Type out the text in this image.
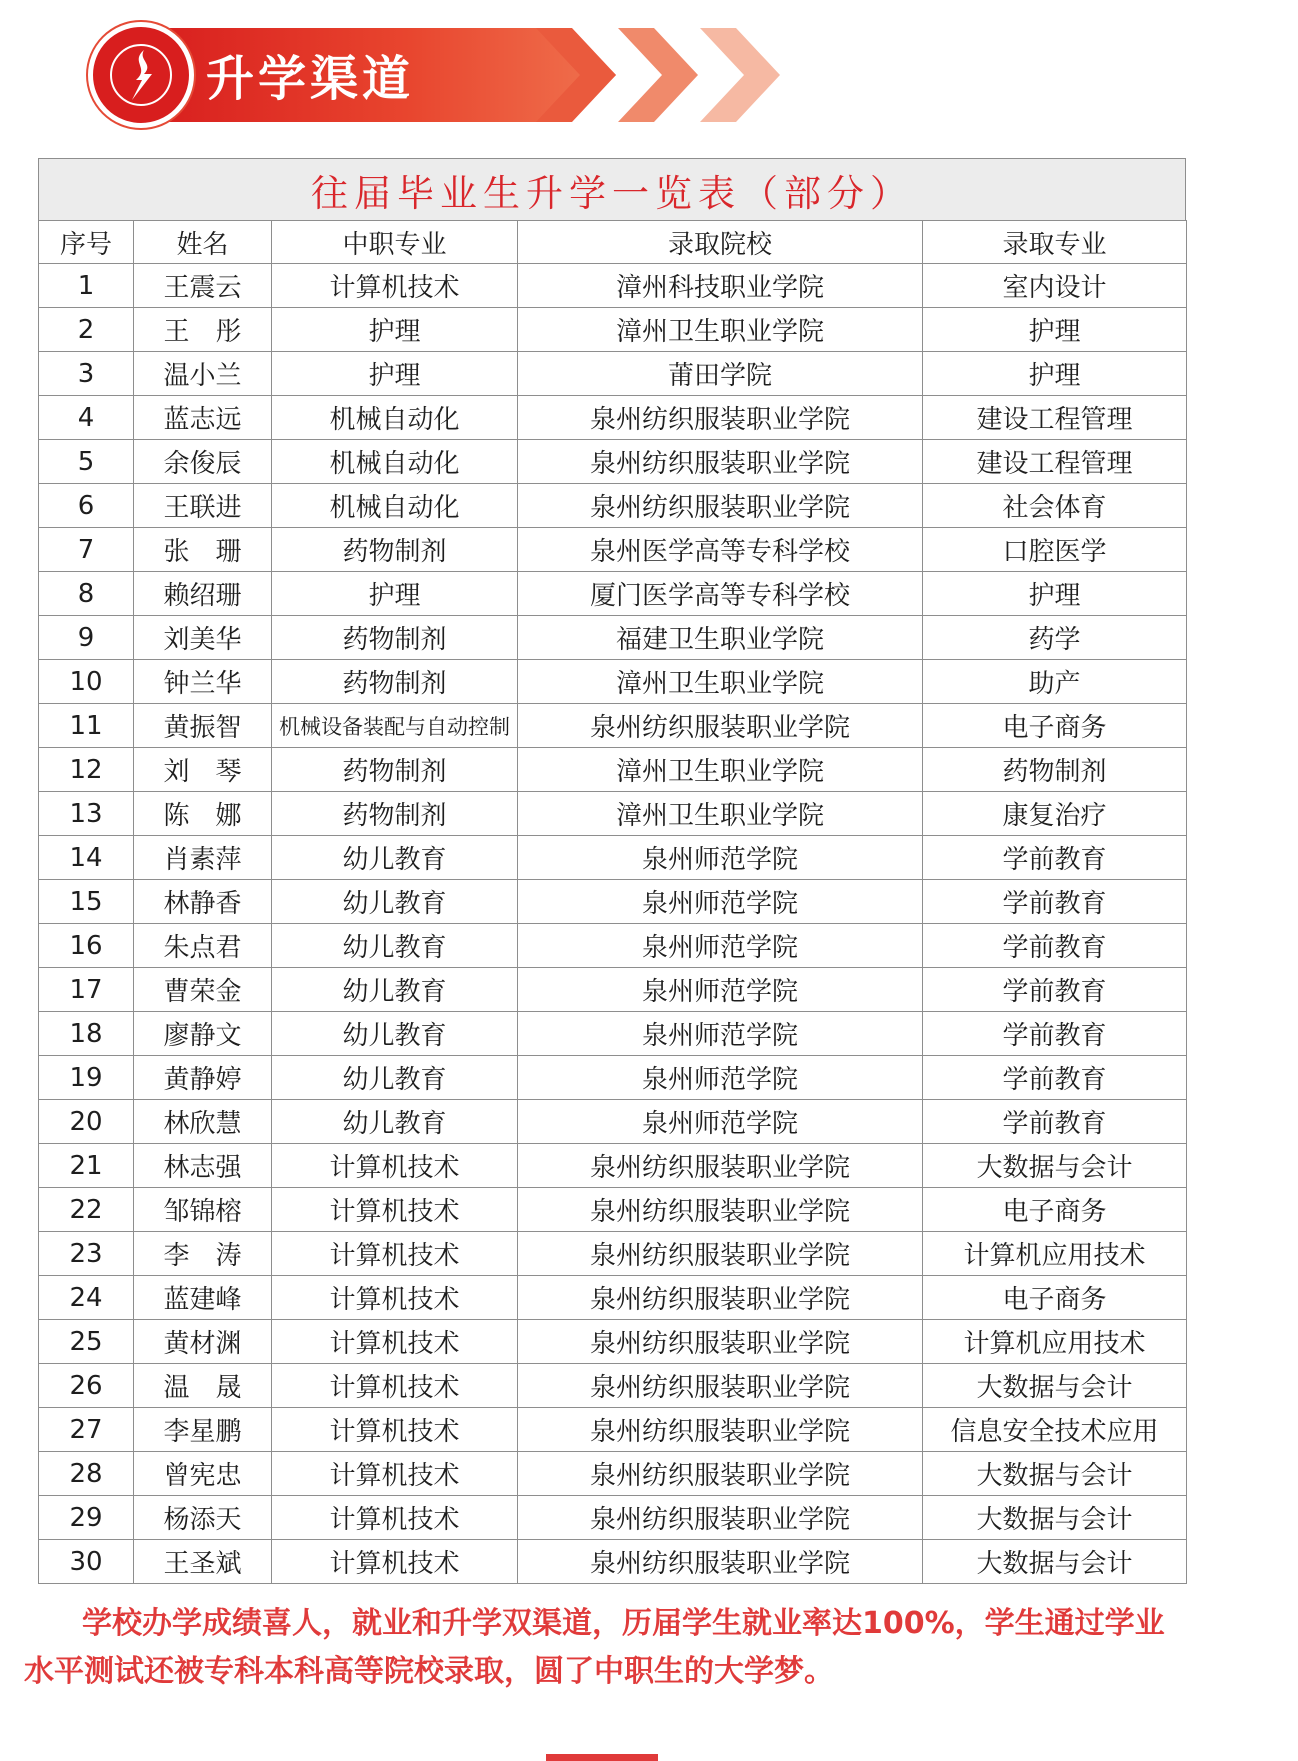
升学渠道
往届毕业生升学一览表（部分）
序号	姓名	中职专业	录取院校	录取专业
1	王震云	计算机技术	漳州科技职业学院	室内设计
2	王　彤	护理	漳州卫生职业学院	护理
3	温小兰	护理	莆田学院	护理
4	蓝志远	机械自动化	泉州纺织服装职业学院	建设工程管理
5	余俊辰	机械自动化	泉州纺织服装职业学院	建设工程管理
6	王联进	机械自动化	泉州纺织服装职业学院	社会体育
7	张　珊	药物制剂	泉州医学高等专科学校	口腔医学
8	赖绍珊	护理	厦门医学高等专科学校	护理
9	刘美华	药物制剂	福建卫生职业学院	药学
10	钟兰华	药物制剂	漳州卫生职业学院	助产
11	黄振智	机械设备装配与自动控制	泉州纺织服装职业学院	电子商务
12	刘　琴	药物制剂	漳州卫生职业学院	药物制剂
13	陈　娜	药物制剂	漳州卫生职业学院	康复治疗
14	肖素萍	幼儿教育	泉州师范学院	学前教育
15	林静香	幼儿教育	泉州师范学院	学前教育
16	朱点君	幼儿教育	泉州师范学院	学前教育
17	曹荣金	幼儿教育	泉州师范学院	学前教育
18	廖静文	幼儿教育	泉州师范学院	学前教育
19	黄静婷	幼儿教育	泉州师范学院	学前教育
20	林欣慧	幼儿教育	泉州师范学院	学前教育
21	林志强	计算机技术	泉州纺织服装职业学院	大数据与会计
22	邹锦榕	计算机技术	泉州纺织服装职业学院	电子商务
23	李　涛	计算机技术	泉州纺织服装职业学院	计算机应用技术
24	蓝建峰	计算机技术	泉州纺织服装职业学院	电子商务
25	黄材渊	计算机技术	泉州纺织服装职业学院	计算机应用技术
26	温　晟	计算机技术	泉州纺织服装职业学院	大数据与会计
27	李星鹏	计算机技术	泉州纺织服装职业学院	信息安全技术应用
28	曾宪忠	计算机技术	泉州纺织服装职业学院	大数据与会计
29	杨添天	计算机技术	泉州纺织服装职业学院	大数据与会计
30	王圣斌	计算机技术	泉州纺织服装职业学院	大数据与会计

学校办学成绩喜人，就业和升学双渠道，历届学生就业率达100%，学生通过学业

水平测试还被专科本科高等院校录取，圆了中职生的大学梦。
